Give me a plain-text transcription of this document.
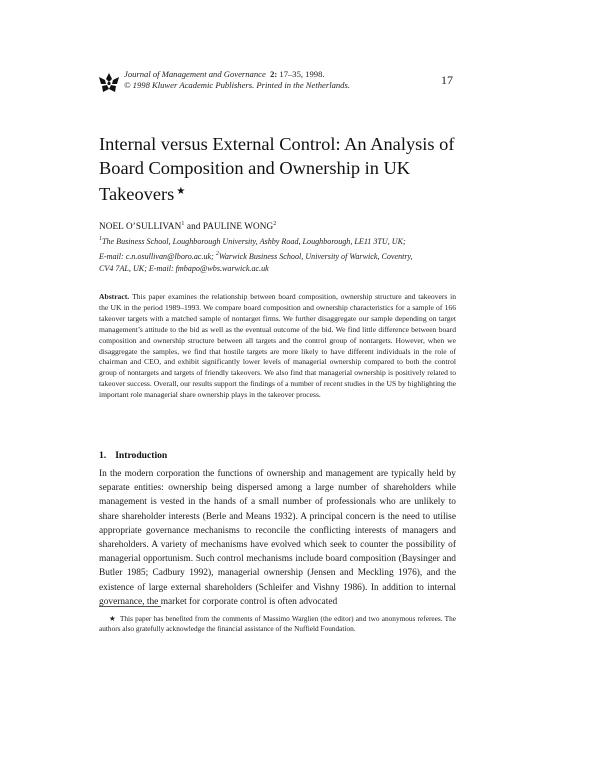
Journal of Management and Governance 2: 17–35, 1998.
© 1998 Kluwer Academic Publishers. Printed in the Netherlands.	17
Internal versus External Control: An Analysis of Board Composition and Ownership in UK Takeovers ★
NOEL O’SULLIVAN$^1$ and PAULINE WONG$^2$
$^1$The Business School, Loughborough University, Ashby Road, Loughborough, LE11 3TU, UK;
E-mail: c.n.osullivan@lboro.ac.uk; $^2$Warwick Business School, University of Warwick, Coventry,
CV4 7AL, UK; E-mail: fmbapo@wbs.warwick.ac.uk
Abstract. This paper examines the relationship between board composition, ownership structure and takeovers in the UK in the period 1989–1993. We compare board composition and ownership characteristics for a sample of 166 takeover targets with a matched sample of nontarget firms. We further disaggregate our sample depending on target management’s attitude to the bid as well as the eventual outcome of the bid. We find little difference between board composition and ownership structure between all targets and the control group of nontargets. However, when we disaggregate the samples, we find that hostile targets are more likely to have different individuals in the role of chairman and CEO, and exhibit significantly lower levels of managerial ownership compared to both the control group of nontargets and targets of friendly takeovers. We also find that managerial ownership is positively related to takeover success. Overall, our results support the findings of a number of recent studies in the US by highlighting the important role managerial share ownership plays in the takeover process.
1. Introduction
In the modern corporation the functions of ownership and management are typically held by separate entities: ownership being dispersed among a large number of shareholders while management is vested in the hands of a small number of professionals who are unlikely to share shareholder interests (Berle and Means 1932). A principal concern is the need to utilise appropriate governance mechanisms to reconcile the conflicting interests of managers and shareholders. A variety of mechanisms have evolved which seek to counter the possibility of managerial opportunism. Such control mechanisms include board composition (Baysinger and Butler 1985; Cadbury 1992), managerial ownership (Jensen and Meckling 1976), and the existence of large external shareholders (Schleifer and Vishny 1986). In addition to internal governance, the market for corporate control is often advocated
★ This paper has benefited from the comments of Massimo Warglien (the editor) and two anonymous referees. The authors also gratefully acknowledge the financial assistance of the Nuffield Foundation.
